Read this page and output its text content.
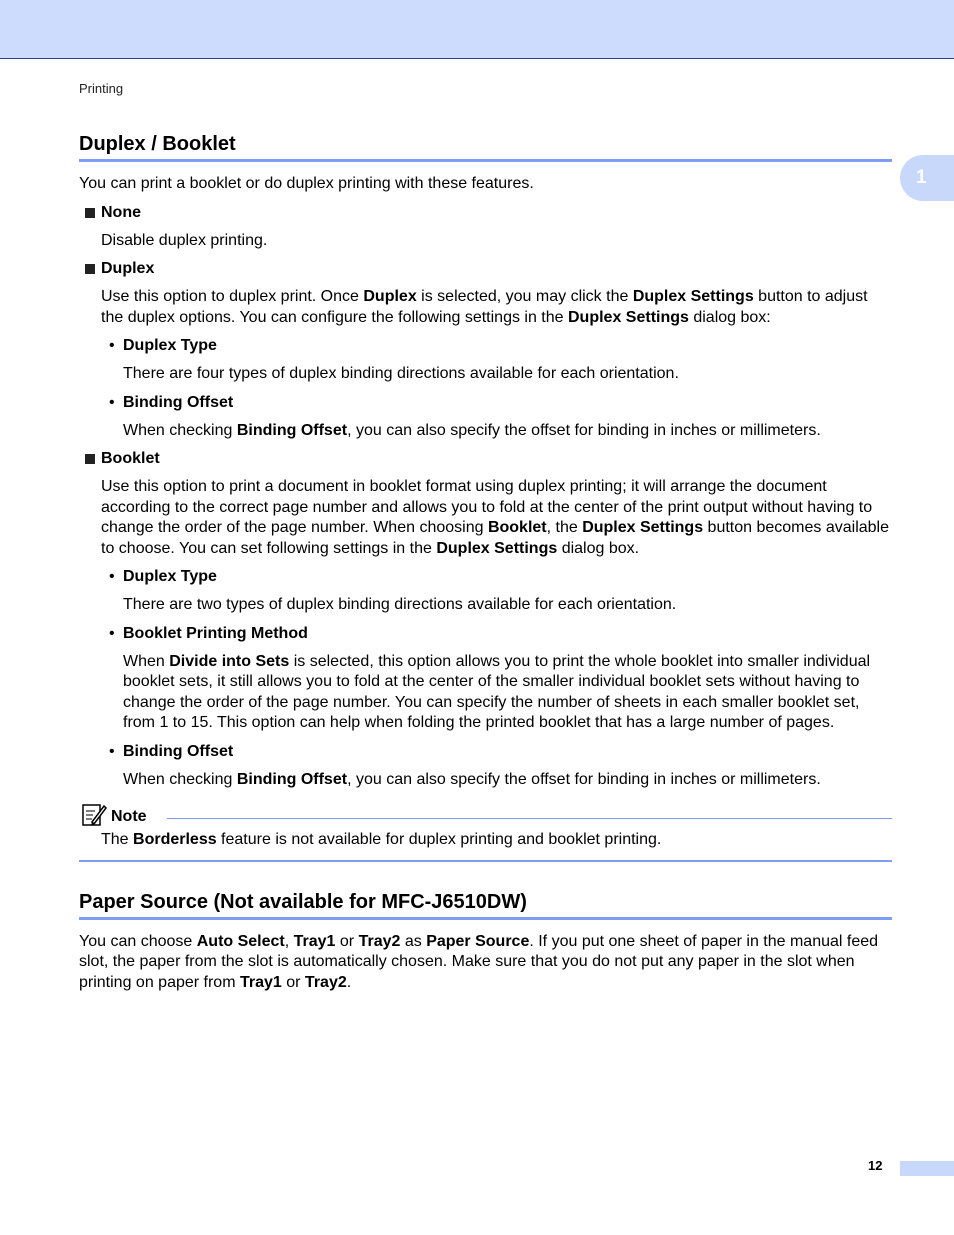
Printing
1
Duplex / Booklet

You can print a booklet or do duplex printing with these features.

None

Disable duplex printing.

Duplex

Use this option to duplex print. Once Duplex is selected, you may click the Duplex Settings button to adjust the duplex options. You can configure the following settings in the Duplex Settings dialog box:

• Duplex Type

There are four types of duplex binding directions available for each orientation.

• Binding Offset

When checking Binding Offset, you can also specify the offset for binding in inches or millimeters.

Booklet

Use this option to print a document in booklet format using duplex printing; it will arrange the document according to the correct page number and allows you to fold at the center of the print output without having to change the order of the page number. When choosing Booklet, the Duplex Settings button becomes available to choose. You can set following settings in the Duplex Settings dialog box.

• Duplex Type

There are two types of duplex binding directions available for each orientation.

• Booklet Printing Method

When Divide into Sets is selected, this option allows you to print the whole booklet into smaller individual booklet sets, it still allows you to fold at the center of the smaller individual booklet sets without having to change the order of the page number. You can specify the number of sheets in each smaller booklet set, from 1 to 15. This option can help when folding the printed booklet that has a large number of pages.

• Binding Offset

When checking Binding Offset, you can also specify the offset for binding in inches or millimeters.

Note

The Borderless feature is not available for duplex printing and booklet printing.

Paper Source (Not available for MFC-J6510DW)

You can choose Auto Select, Tray1 or Tray2 as Paper Source. If you put one sheet of paper in the manual feed slot, the paper from the slot is automatically chosen. Make sure that you do not put any paper in the slot when printing on paper from Tray1 or Tray2.

12
